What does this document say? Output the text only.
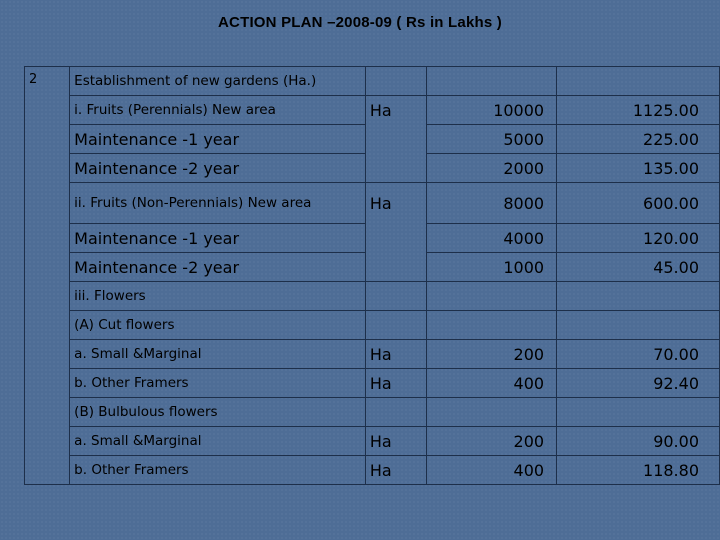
ACTION PLAN –2008-09 ( Rs in Lakhs )
2	Establishment of new gardens (Ha.)			
	i. Fruits (Perennials) New area	Ha	10000	1125.00
	Maintenance -1 year		5000	225.00
	Maintenance -2 year		2000	135.00
	ii. Fruits (Non-Perennials) New area	Ha	8000	600.00
	Maintenance -1 year		4000	120.00
	Maintenance -2 year		1000	45.00
	iii. Flowers			
	(A) Cut flowers			
	a. Small &Marginal	Ha	200	70.00
	b. Other Framers	Ha	400	92.40
	(B) Bulbulous flowers			
	a. Small &Marginal	Ha	200	90.00
	b. Other Framers	Ha	400	118.80
